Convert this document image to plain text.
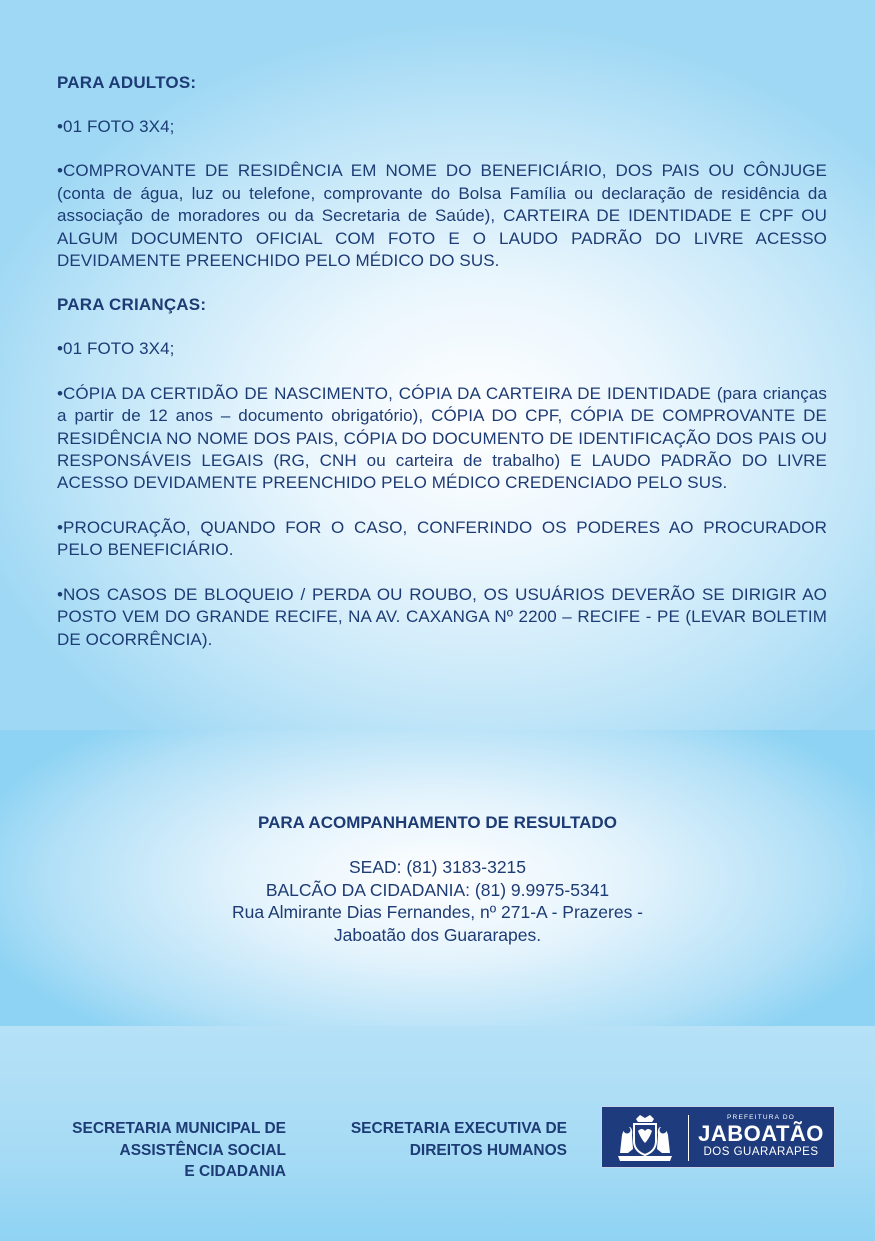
PARA ADULTOS:

•01 FOTO 3X4;

•COMPROVANTE DE RESIDÊNCIA EM NOME DO BENEFICIÁRIO, DOS PAIS OU CÔNJUGE (conta de água, luz ou telefone, comprovante do Bolsa Família ou declaração de residência da associação de moradores ou da Secretaria de Saúde), CARTEIRA DE IDENTIDADE E CPF OU ALGUM DOCUMENTO OFICIAL COM FOTO E O LAUDO PADRÃO DO LIVRE ACESSO DEVIDAMENTE PREENCHIDO PELO MÉDICO DO SUS.

PARA CRIANÇAS:

•01 FOTO 3X4;

•CÓPIA DA CERTIDÃO DE NASCIMENTO, CÓPIA DA CARTEIRA DE IDENTIDADE (para crianças a partir de 12 anos – documento obrigatório), CÓPIA DO CPF, CÓPIA DE COMPROVANTE DE RESIDÊNCIA NO NOME DOS PAIS, CÓPIA DO DOCUMENTO DE IDENTIFICAÇÃO DOS PAIS OU RESPONSÁVEIS LEGAIS (RG, CNH ou carteira de trabalho) E LAUDO PADRÃO DO LIVRE ACESSO DEVIDAMENTE PREENCHIDO PELO MÉDICO CREDENCIADO PELO SUS.

•PROCURAÇÃO, QUANDO FOR O CASO, CONFERINDO OS PODERES AO PROCURADOR PELO BENEFICIÁRIO.

•NOS CASOS DE BLOQUEIO / PERDA OU ROUBO, OS USUÁRIOS DEVERÃO SE DIRIGIR AO POSTO VEM DO GRANDE RECIFE, NA AV. CAXANGA Nº 2200 – RECIFE - PE (LEVAR BOLETIM DE OCORRÊNCIA).

PARA ACOMPANHAMENTO DE RESULTADO

SEAD: (81) 3183-3215

BALCÃO DA CIDADANIA: (81) 9.9975-5341

Rua Almirante Dias Fernandes, nº 271-A - Prazeres -

Jaboatão dos Guararapes.

SECRETARIA MUNICIPAL DE
ASSISTÊNCIA SOCIAL
E CIDADANIA
SECRETARIA EXECUTIVA DE
DIREITOS HUMANOS
PREFEITURA DO
JABOATÃO
DOS GUARARAPES
